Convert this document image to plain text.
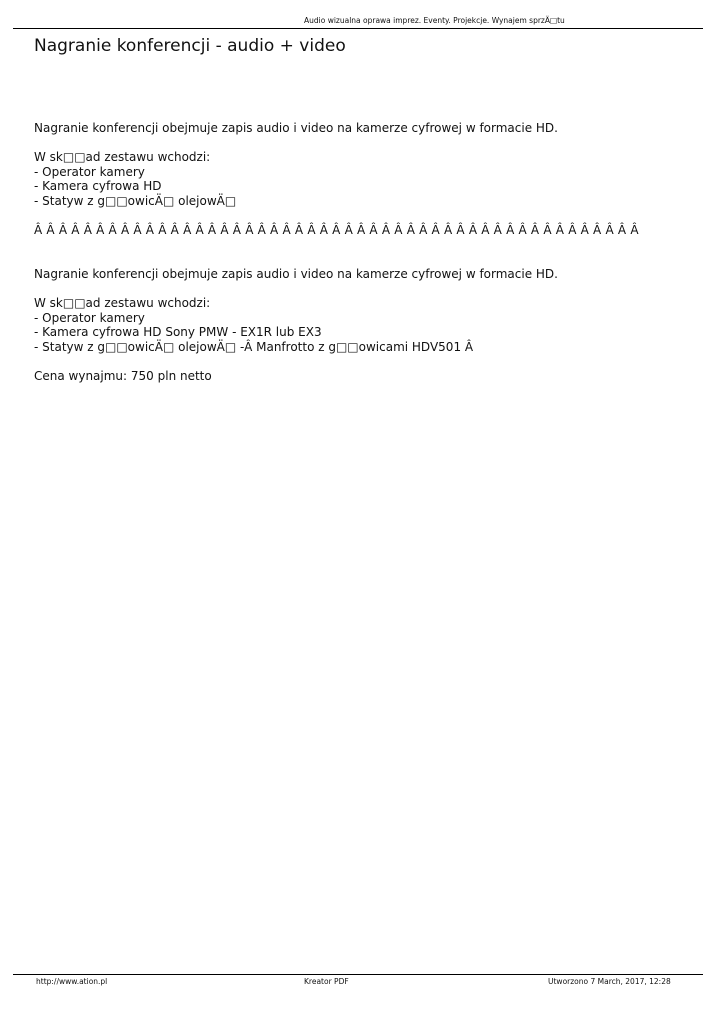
Audio wizualna oprawa imprez. Eventy. Projekcje. Wynajem sprzÄ□tu
Nagranie konferencji - audio + video
Nagranie konferencji obejmuje zapis audio i video na kamerze cyfrowej w formacie HD.
W sk□□ad zestawu wchodzi:
- Operator kamery
- Kamera cyfrowa HD
- Statyw z g□□owicÄ□ olejowÄ□
Â Â Â Â Â Â Â Â Â Â Â Â Â Â Â Â Â Â Â Â Â Â Â Â Â Â Â Â Â Â Â Â Â Â Â Â Â Â Â Â Â Â Â Â Â Â Â Â Â
Nagranie konferencji obejmuje zapis audio i video na kamerze cyfrowej w formacie HD.
W sk□□ad zestawu wchodzi:
- Operator kamery
- Kamera cyfrowa HD Sony PMW - EX1R lub EX3
- Statyw z g□□owicÄ□ olejowÄ□ -Â Manfrotto z g□□owicami HDV501 Â
Cena wynajmu: 750 pln netto
http://www.ation.pl	Kreator PDF	Utworzono 7 March, 2017, 12:28
